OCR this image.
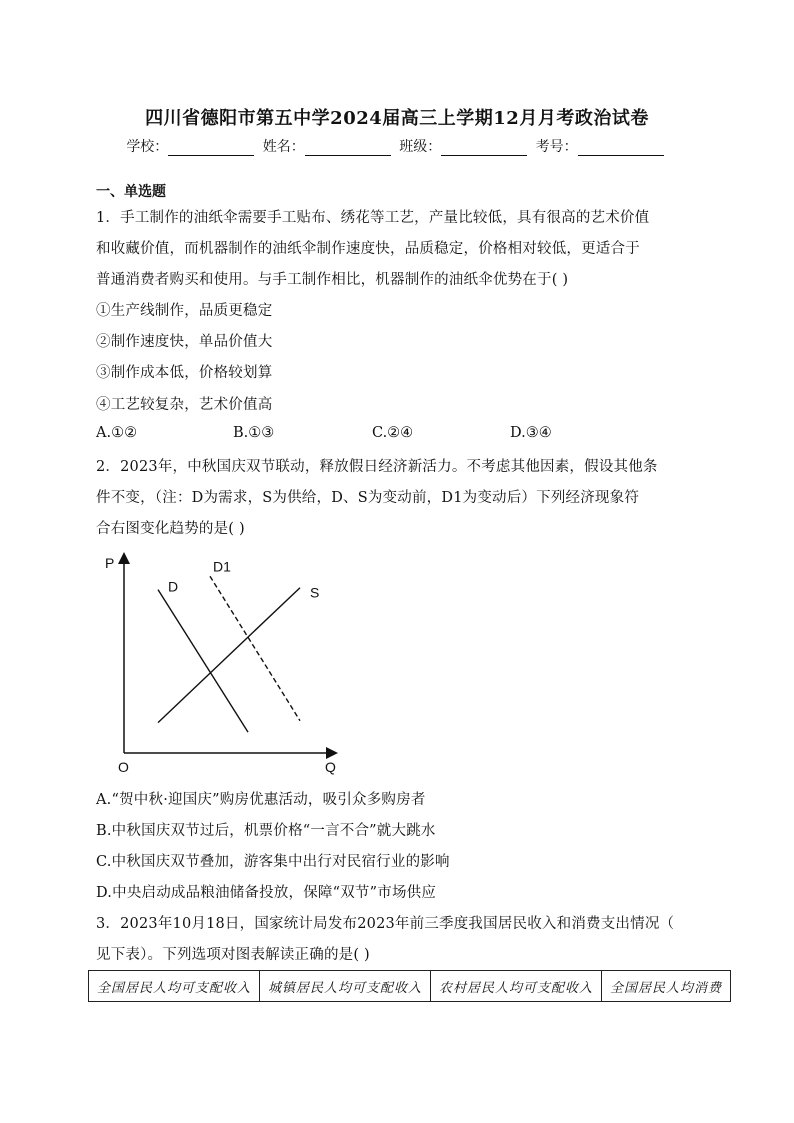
四川省德阳市第五中学2024届高三上学期12月月考政治试卷
学校：	姓名：	班级：	考号：
一、单选题
1．手工制作的油纸伞需要手工贴布、绣花等工艺，产量比较低，具有很高的艺术价值
和收藏价值，而机器制作的油纸伞制作速度快，品质稳定，价格相对较低，更适合于
普通消费者购买和使用。与手工制作相比，机器制作的油纸伞优势在于( )
①生产线制作，品质更稳定
②制作速度快，单品价值大
③制作成本低，价格较划算
④工艺较复杂，艺术价值高
A.①②	B.①③	C.②④	D.③④
2．2023年，中秋国庆双节联动，释放假日经济新活力。不考虑其他因素，假设其他条
件不变，（注：D为需求，S为供给，D、S为变动前，D1为变动后）下列经济现象符
合右图变化趋势的是( )
P
Q
O
D	S
D1
A.“贺中秋·迎国庆”购房优惠活动，吸引众多购房者
B.中秋国庆双节过后，机票价格“一言不合”就大跳水
C.中秋国庆双节叠加，游客集中出行对民宿行业的影响
D.中央启动成品粮油储备投放，保障“双节”市场供应
3．2023年10月18日，国家统计局发布2023年前三季度我国居民收入和消费支出情况（
见下表）。下列选项对图表解读正确的是( )
全国居民人均可支配收入	城镇居民人均可支配收入	农村居民人均可支配收入	全国居民人均消费
